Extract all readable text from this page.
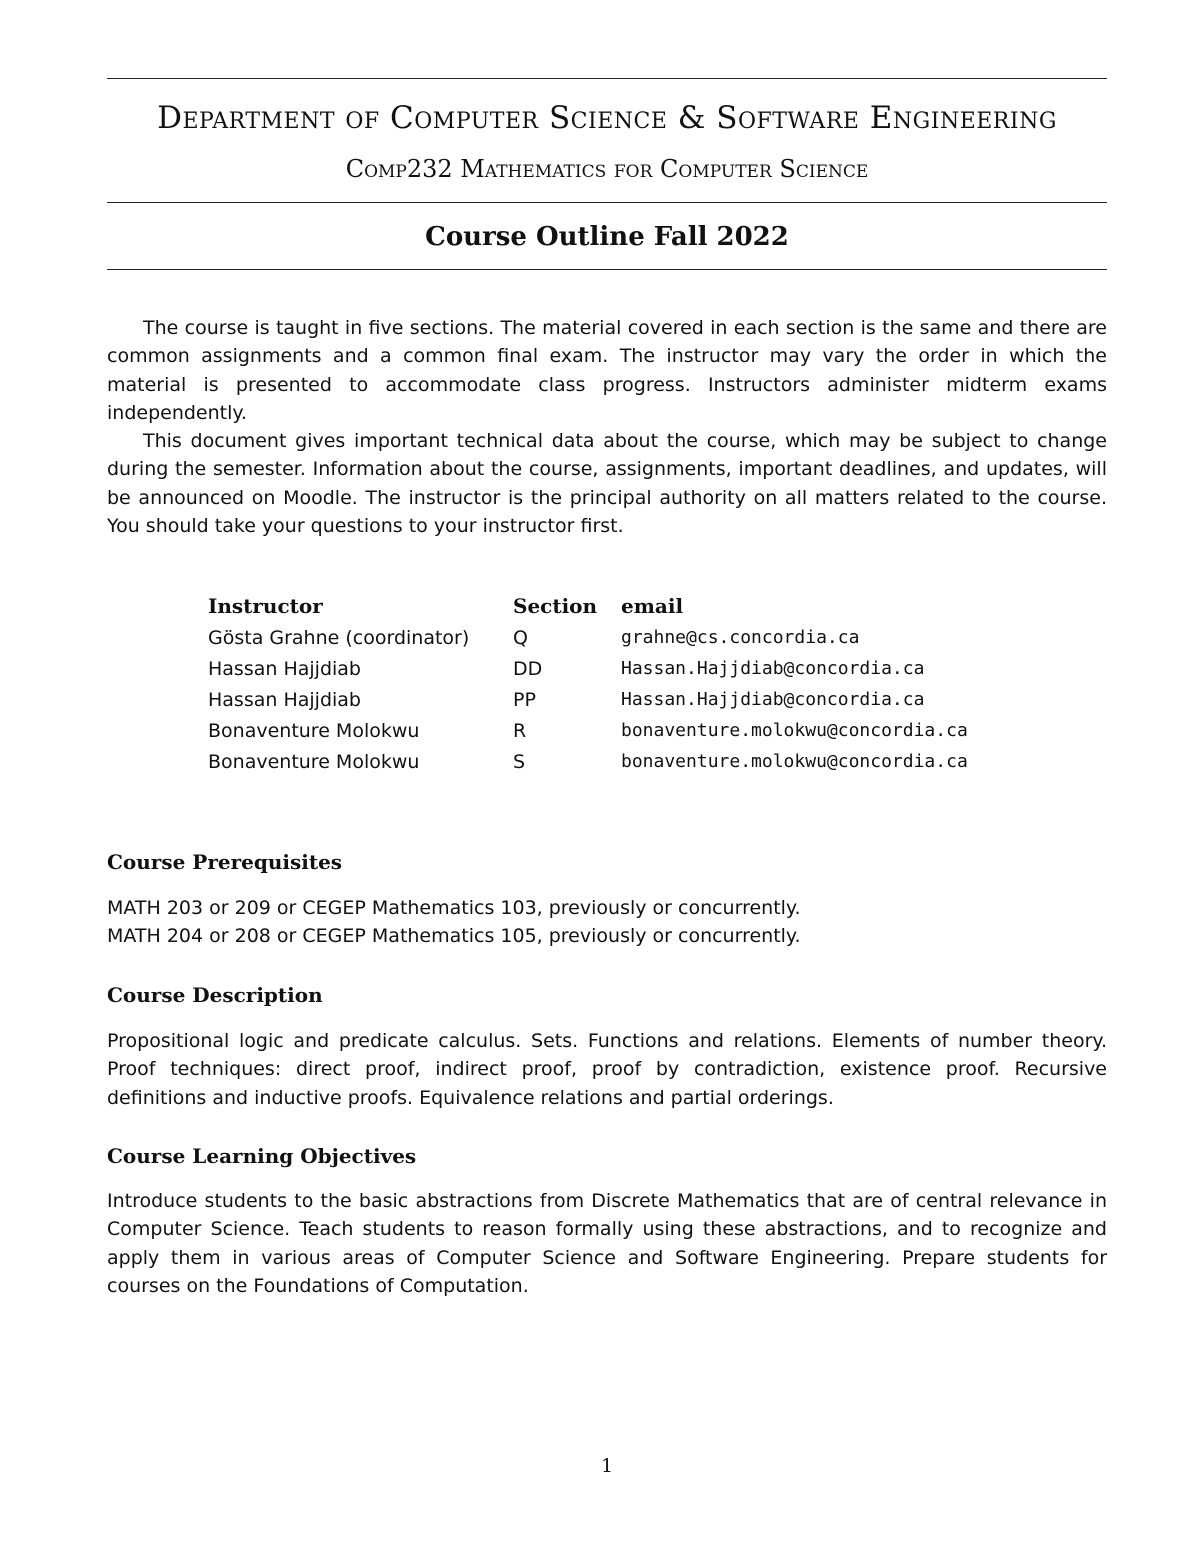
Department of Computer Science & Software Engineering
Comp232 Mathematics for Computer Science
Course Outline Fall 2022

The course is taught in five sections. The material covered in each section is the same and there are common assignments and a common final exam. The instructor may vary the order in which the material is presented to accommodate class progress. Instructors administer midterm exams independently.

This document gives important technical data about the course, which may be subject to change during the semester. Information about the course, assignments, important deadlines, and updates, will be announced on Moodle. The instructor is the principal authority on all matters related to the course. You should take your questions to your instructor first.

Instructor	Section	email
Gösta Grahne (coordinator)	Q	grahne@cs.concordia.ca
Hassan Hajjdiab	DD	Hassan.Hajjdiab@concordia.ca
Hassan Hajjdiab	PP	Hassan.Hajjdiab@concordia.ca
Bonaventure Molokwu	R	bonaventure.molokwu@concordia.ca
Bonaventure Molokwu	S	bonaventure.molokwu@concordia.ca
Course Prerequisites
MATH 203 or 209 or CEGEP Mathematics 103, previously or concurrently.
MATH 204 or 208 or CEGEP Mathematics 105, previously or concurrently.
Course Description

Propositional logic and predicate calculus. Sets. Functions and relations. Elements of number theory. Proof techniques: direct proof, indirect proof, proof by contradiction, existence proof. Recursive definitions and inductive proofs. Equivalence relations and partial orderings.

Course Learning Objectives

Introduce students to the basic abstractions from Discrete Mathematics that are of central relevance in Computer Science. Teach students to reason formally using these abstractions, and to recognize and apply them in various areas of Computer Science and Software Engineering. Prepare students for courses on the Foundations of Computation.

1
